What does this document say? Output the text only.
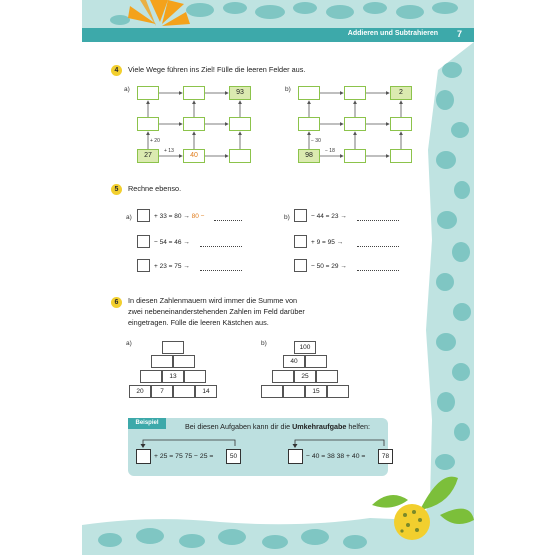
Addieren und Subtrahieren 7
4	Viele Wege führen ins Ziel! Fülle die leeren Felder aus.
a)	93
27	40
+ 20
+ 13
b)	2
98
− 30
− 18
5	Rechne ebenso.
a)	+ 33 = 80 → 80 −
− 54 = 46 →
+ 23 = 75 →
b)	− 44 = 23 →
+ 9 = 95 →
− 50 = 29 →
6	In diesen Zahlenmauern wird immer die Summe von
zwei nebeneinanderstehenden Zahlen im Feld darüber
eingetragen. Fülle die leeren Kästchen aus.
a)
13
20	7	14
b)
100
40
25
15
Beispiel	Bei diesen Aufgaben kann dir die Umkehraufgabe helfen:
+ 25 = 75 75 − 25 =	50	− 40 = 38 38 + 40 =	78
